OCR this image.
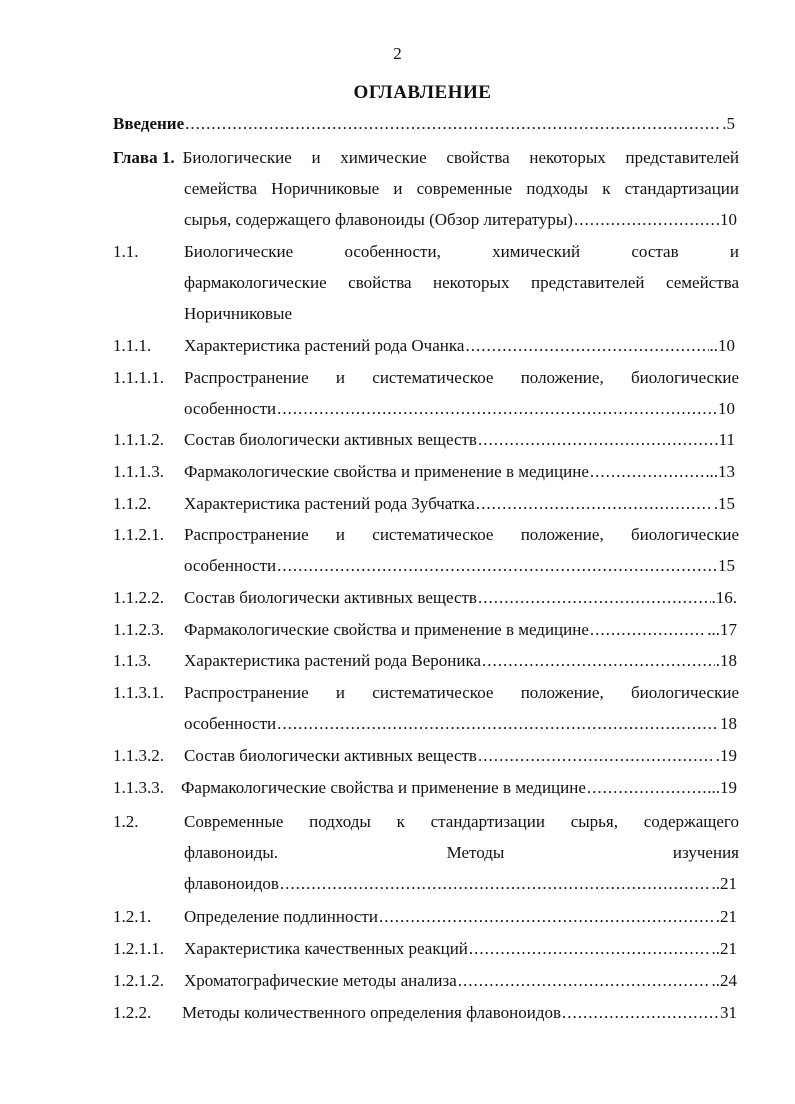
2
ОГЛАВЛЕНИЕ
Введение .....	.5
Глава 1. Биологические и химические свойства некоторых представителей
семейства Норичниковые и современные подходы к стандартизации
сырья, содержащего флавоноиды (Обзор литературы) .....	10
1.1.	Биологические	особенности,	химический	состав	и
фармакологические свойства некоторых представителей семейства
Норичниковые
1.1.1. Характеристика растений рода Очанка .....	..10
1.1.1.1. Распространение и систематическое положение, биологические
особенности .....	10
1.1.1.2. Состав биологически активных веществ .....	.11
1.1.1.3. Фармакологические свойства и применение в медицине .....	..13
1.1.2. Характеристика растений рода Зубчатка .....	.15
1.1.2.1. Распространение и систематическое положение, биологические
особенности .....	15
1.1.2.2. Состав биологически активных веществ .....	.16.
1.1.2.3. Фармакологические свойства и применение в медицине .....	...17
1.1.3. Характеристика растений рода Вероника .....	.18
1.1.3.1. Распространение и систематическое положение, биологические
особенности .....	18
1.1.3.2. Состав биологически активных веществ .....	.19
1.1.3.3. Фармакологические свойства и применение в медицине .....	...19
1.2.	Современные подходы к стандартизации сырья, содержащего
флавоноиды.	Методы	изучения
флавоноидов .....	..21
1.2.1. Определение подлинности .....	.21
1.2.1.1. Характеристика качественных реакций .....	..21
1.2.1.2. Хроматографические методы анализа .....	..24
1.2.2. Методы количественного определения флавоноидов .....	31
